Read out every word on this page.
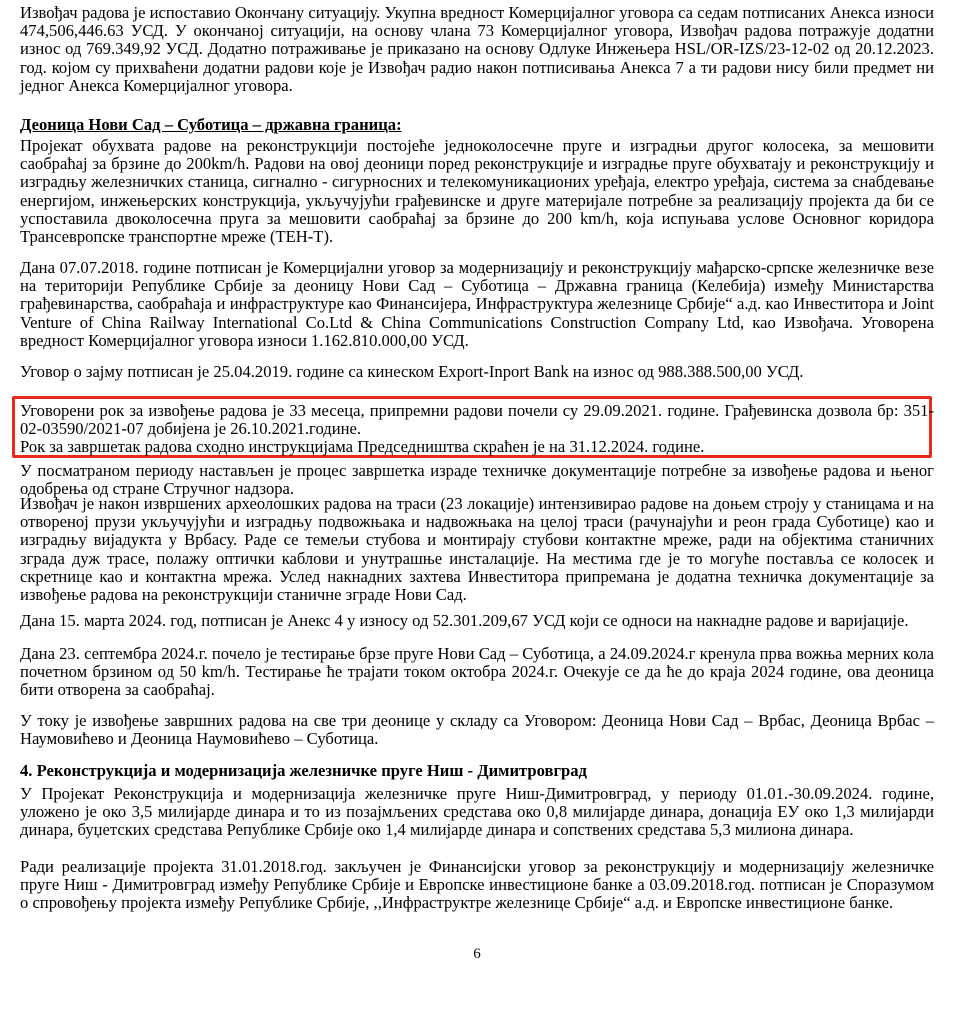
Извођач радова је испоставио Окончану ситуацију. Укупна вредност Комерцијалног уговора са седам потписаних Анекса износи 474,506,446.63 УСД. У окончаној ситуацији, на основу члана 73 Комерцијалног уговора, Извођач радова потражује додатни износ од 769.349,92 УСД. Додатно потраживање је приказано на основу Одлуке Инжењера HSL/OR-IZS/23-12-02 од 20.12.2023. год. којом су прихваћени додатни радови које је Извођач радио након потписивања Анекса 7 а ти радови нису били предмет ни једног Анекса Комерцијалног уговора.

Деоница Нови Сад – Суботица – државна граница:

Пројекат обухвата радове на реконструкцији постојеће једноколосечне пруге и изградњи другог колосека, за мешовити саобраћај за брзине до 200km/h. Радови на овој деоници поред реконструкције и изградње пруге обухватају и реконструкцију и изградњу железничких станица, сигнално - сигурносних и телекомуникационих уређаја, електро уређаја, система за снабдевање енергијом, инжењерских конструкција, укључујући грађевинске и друге материјале потребне за реализацију пројекта да би се успоставила двоколосечна пруга за мешовити саобраћај за брзине до 200 km/h, која испуњава услове Основног коридора Трансевропске транспортне мреже (ТЕН-Т).

Дана 07.07.2018. године потписан је Комерцијални уговор за модернизацију и реконструкцију мађарско-српске железничке везе на територији Републике Србије за деоницу Нови Сад – Суботица – Државна граница (Келебија) између Министарства грађевинарства, саобраћаја и инфраструктуре као Финансијера, Инфраструктура железнице Србије“ а.д. као Инвеститора и Joint Venture of China Railway International Co.Ltd & China Communications Construction Company Ltd, као Извођача. Уговорена вредност Комерцијалног уговора износи 1.162.810.000,00 УСД.

Уговор о зајму потписан је 25.04.2019. године са кинеском Export-Inport Bank на износ од 988.388.500,00 УСД.

Уговорени рок за извођење радова је 33 месеца, припремни радови почели су 29.09.2021. године. Грађевинска дозвола бр: 351-02-03590/2021-07 добијена је 26.10.2021.године.

Рок за завршетак радова сходно инструкцијама Председништва скраћен је на 31.12.2024. године.

У посматраном периоду настављен је процес завршетка израде техничке документације потребне за извођење радова и њеног одобрења од стране Стручног надзора.

Извођач је након извршених археолошких радова на траси (23 локације) интензивирао радове на доњем строју у станицама и на отвореној прузи укључујући и изградњу подвожњака и надвожњака на целој траси (рачунајући и реон града Суботице) као и изградњу вијадукта у Врбасу. Раде се темељи стубова и монтирају стубови контактне мреже, ради на објектима станичних зграда дуж трасе, полажу оптички каблови и унутрашње инсталације. На местима где је то могуће постављa се колосек и скретнице као и контактна мрежа. Услед накнадних захтева Инвеститора припремана је додатна техничка документације за извођење радова на реконструкцији станичне зграде Нови Сад.

Дана 15. марта 2024. год, потписан је Анекс 4 у износу од 52.301.209,67 УСД који се односи на накнадне радове и варијације.

Дана 23. септембра 2024.г. почело је тестирање брзе пруге Нови Сад – Суботица, а 24.09.2024.г кренула прва вожња мерних кола почетном брзином од 50 km/h. Тестирање ће трајати током октобра 2024.г. Очекује се да ће до краја 2024 године, ова деоница бити отворена за саобраћај.

У току је извођење завршних радова на све три деонице у складу са Уговором: Деоница Нови Сад – Врбас, Деоница Врбас – Наумовићево и Деоница Наумовићево – Суботица.

4. Реконструкција и модернизација железничке пруге Ниш - Димитровград

У Пројекат Реконструкција и модернизација железничке пруге Ниш-Димитровград, у периоду 01.01.-30.09.2024. године, уложено је око 3,5 милијарде динара и то из позајмљених средстава око 0,8 милијарде динара, донација ЕУ око 1,3 милијарди динара, буџетских средстава Републике Србије око 1,4 милијарде динара и сопствених средстава 5,3 милиона динара.

Ради реализације пројекта 31.01.2018.год. закључен је Финансијски уговор за реконструкцију и модернизацију железничке пруге Ниш - Димитровград између Републике Србије и Европске инвестиционе банке а 03.09.2018.год. потписан је Споразумом о спровођењу пројекта између Републике Србије, ,,Инфраструктре железнице Србије“ а.д. и Европске инвестиционе банке.

6
